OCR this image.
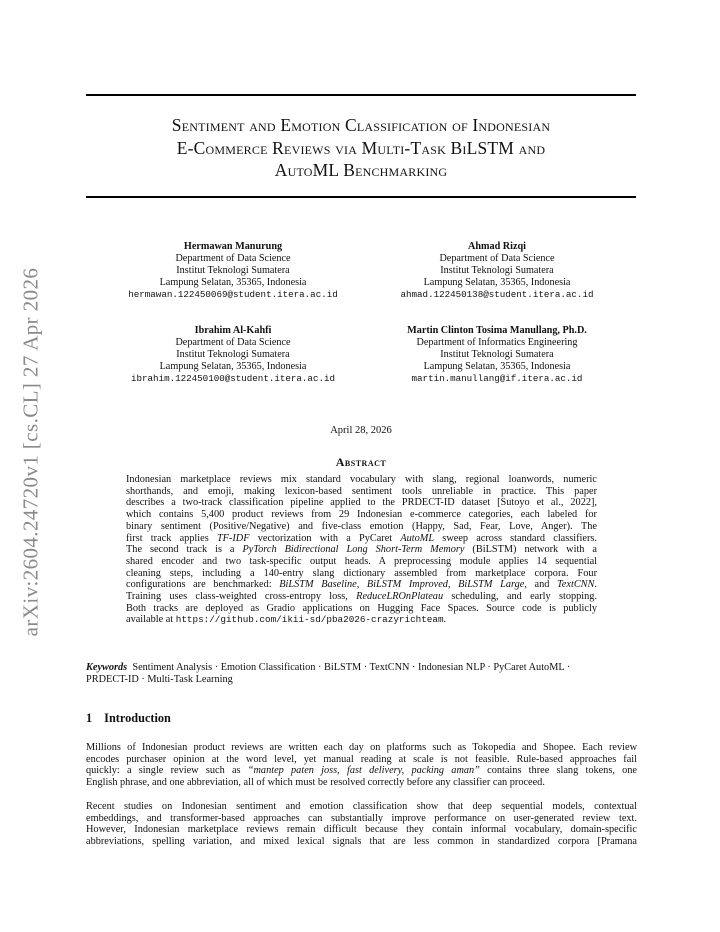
arXiv:2604.24720v1 [cs.CL] 27 Apr 2026
Sentiment and Emotion Classification of Indonesian
E-Commerce Reviews via Multi-Task BiLSTM and
AutoML Benchmarking
Hermawan Manurung
Department of Data Science
Institut Teknologi Sumatera
Lampung Selatan, 35365, Indonesia
hermawan.122450069@student.itera.ac.id
Ahmad Rizqi
Department of Data Science
Institut Teknologi Sumatera
Lampung Selatan, 35365, Indonesia
ahmad.122450138@student.itera.ac.id
Ibrahim Al-Kahfi
Department of Data Science
Institut Teknologi Sumatera
Lampung Selatan, 35365, Indonesia
ibrahim.122450100@student.itera.ac.id
Martin Clinton Tosima Manullang, Ph.D.
Department of Informatics Engineering
Institut Teknologi Sumatera
Lampung Selatan, 35365, Indonesia
martin.manullang@if.itera.ac.id
April 28, 2026
Abstract
Indonesian marketplace reviews mix standard vocabulary with slang, regional loanwords, numeric
shorthands, and emoji, making lexicon-based sentiment tools unreliable in practice. This paper
describes a two-track classification pipeline applied to the PRDECT-ID dataset [Sutoyo et al., 2022],
which contains 5,400 product reviews from 29 Indonesian e-commerce categories, each labeled for
binary sentiment (Positive/Negative) and five-class emotion (Happy, Sad, Fear, Love, Anger). The
first track applies TF-IDF vectorization with a PyCaret AutoML sweep across standard classifiers.
The second track is a PyTorch Bidirectional Long Short-Term Memory (BiLSTM) network with a
shared encoder and two task-specific output heads. A preprocessing module applies 14 sequential
cleaning steps, including a 140-entry slang dictionary assembled from marketplace corpora. Four
configurations are benchmarked: BiLSTM Baseline, BiLSTM Improved, BiLSTM Large, and TextCNN.
Training uses class-weighted cross-entropy loss, ReduceLROnPlateau scheduling, and early stopping.
Both tracks are deployed as Gradio applications on Hugging Face Spaces. Source code is publicly
available at https://github.com/ikii-sd/pba2026-crazyrichteam.
Keywords Sentiment Analysis · Emotion Classification · BiLSTM · TextCNN · Indonesian NLP · PyCaret AutoML ·
PRDECT-ID · Multi-Task Learning
1 Introduction
Millions of Indonesian product reviews are written each day on platforms such as Tokopedia and Shopee. Each review
encodes purchaser opinion at the word level, yet manual reading at scale is not feasible. Rule-based approaches fail
quickly: a single review such as “mantep paten joss, fast delivery, packing aman” contains three slang tokens, one
English phrase, and one abbreviation, all of which must be resolved correctly before any classifier can proceed.
Recent studies on Indonesian sentiment and emotion classification show that deep sequential models, contextual
embeddings, and transformer-based approaches can substantially improve performance on user-generated review text.
However, Indonesian marketplace reviews remain difficult because they contain informal vocabulary, domain-specific
abbreviations, spelling variation, and mixed lexical signals that are less common in standardized corpora [Pramana
